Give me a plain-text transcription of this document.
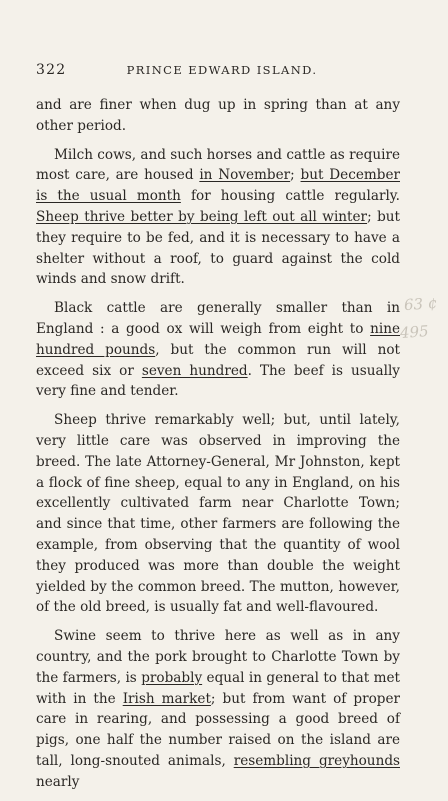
322	PRINCE EDWARD ISLAND.

and are finer when dug up in spring than at any other period.

Milch cows, and such horses and cattle as require most care, are housed in November; but December is the usual month for housing cattle regularly. Sheep thrive better by being left out all winter; but they require to be fed, and it is necessary to have a shelter without a roof, to guard against the cold winds and snow drift.

Black cattle are generally smaller than in England : a good ox will weigh from eight to nine hundred pounds, but the common run will not exceed six or seven hundred. The beef is usually very fine and tender.

Sheep thrive remarkably well; but, until lately, very little care was observed in improving the breed. The late Attorney-General, Mr Johnston, kept a flock of fine sheep, equal to any in England, on his excellently cultivated farm near Charlotte Town; and since that time, other farmers are following the example, from observing that the quantity of wool they produced was more than double the weight yielded by the common breed. The mutton, however, of the old breed, is usually fat and well-flavoured.

Swine seem to thrive here as well as in any country, and the pork brought to Charlotte Town by the farmers, is probably equal in general to that met with in the Irish market; but from want of proper care in rearing, and possessing a good breed of pigs, one half the number raised on the island are tall, long-snouted animals, resembling greyhounds nearly

63 ¢
495
